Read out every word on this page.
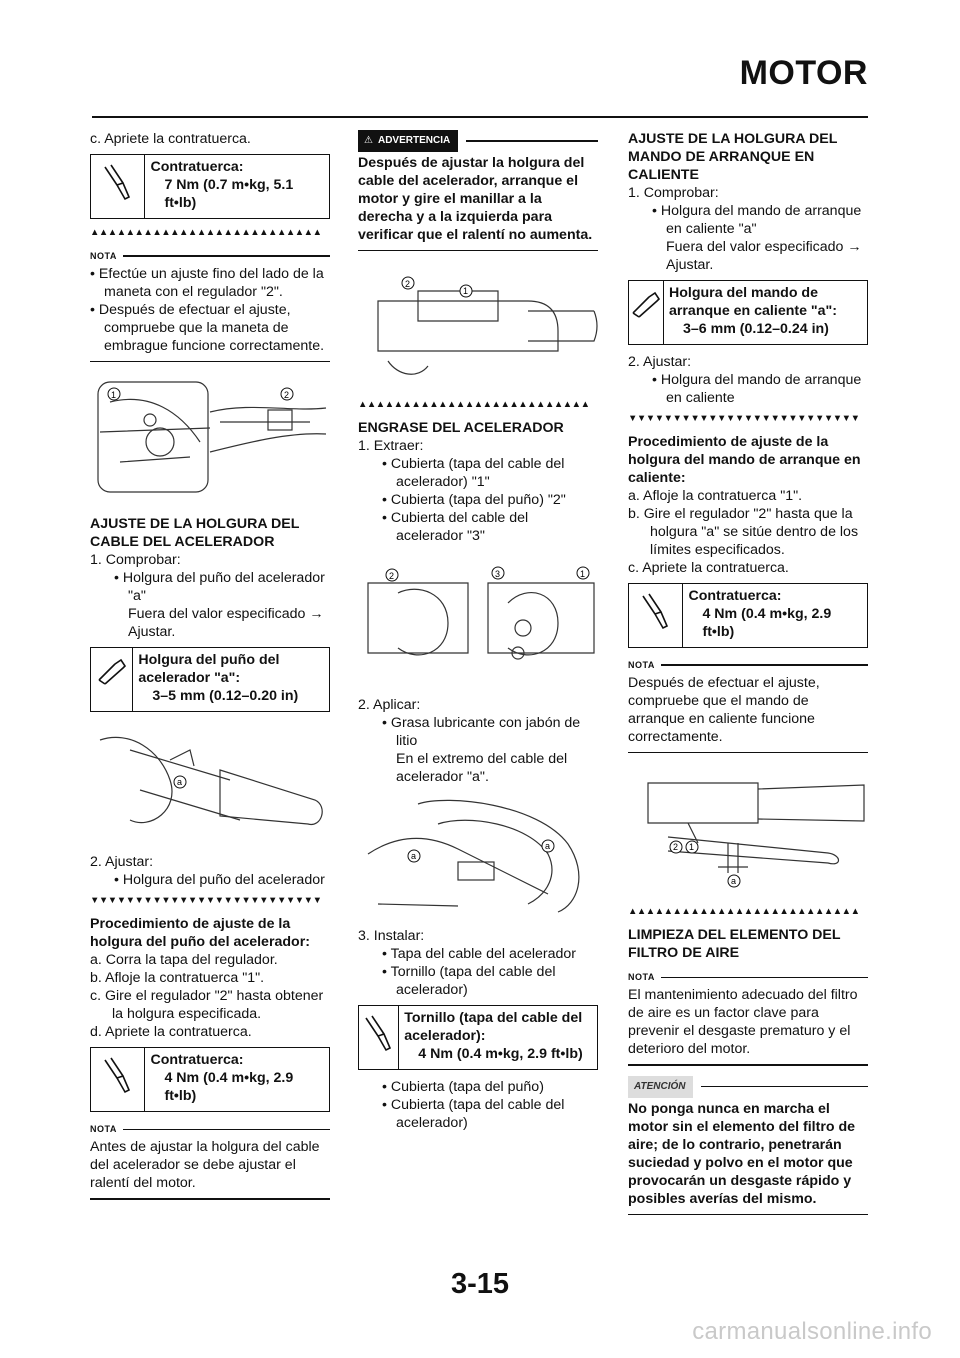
MOTOR

c. Apriete la contratuerca.

Contratuerca:
7 Nm (0.7 m•kg, 5.1 ft•lb)
▲▲▲▲▲▲▲▲▲▲▲▲▲▲▲▲▲▲▲▲▲▲▲▲▲▲
NOTA

• Efectúe un ajuste fino del lado de la maneta con el regulador "2".

• Después de efectuar el ajuste, compruebe que la maneta de embrague funcione correctamente.

1	2

AJUSTE DE LA HOLGURA DEL CABLE DEL ACELERADOR

1. Comprobar:

• Holgura del puño del acelerador "a"

Fuera del valor especificado → Ajustar.

Holgura del puño del acelerador "a":
3–5 mm (0.12–0.20 in)
a

2. Ajustar:

• Holgura del puño del acelerador

▼▼▼▼▼▼▼▼▼▼▼▼▼▼▼▼▼▼▼▼▼▼▼▼▼▼

Procedimiento de ajuste de la holgura del puño del acelerador:

a. Corra la tapa del regulador.

b. Afloje la contratuerca "1".

c. Gire el regulador "2" hasta obtener la holgura especificada.

d. Apriete la contratuerca.

Contratuerca:
4 Nm (0.4 m•kg, 2.9 ft•lb)
NOTA

Antes de ajustar la holgura del cable del acelerador se debe ajustar el ralentí del motor.

⚠ ADVERTENCIA

Después de ajustar la holgura del cable del acelerador, arranque el motor y gire el manillar a la derecha y a la izquierda para verificar que el ralentí no aumenta.

2
1
▲▲▲▲▲▲▲▲▲▲▲▲▲▲▲▲▲▲▲▲▲▲▲▲▲▲

ENGRASE DEL ACELERADOR

1. Extraer:

• Cubierta (tapa del cable del acelerador) "1"

• Cubierta (tapa del puño) "2"

• Cubierta del cable del acelerador "3"

2	3	1

2. Aplicar:

• Grasa lubricante con jabón de litio

En el extremo del cable del acelerador "a".

a
a

3. Instalar:

• Tapa del cable del acelerador

• Tornillo (tapa del cable del acelerador)

Tornillo (tapa del cable del acelerador):
4 Nm (0.4 m•kg, 2.9 ft•lb)

• Cubierta (tapa del puño)

• Cubierta (tapa del cable del acelerador)

AJUSTE DE LA HOLGURA DEL MANDO DE ARRANQUE EN CALIENTE

1. Comprobar:

• Holgura del mando de arranque en caliente "a"

Fuera del valor especificado → Ajustar.

Holgura del mando de arranque en caliente "a":
3–6 mm (0.12–0.24 in)

2. Ajustar:

• Holgura del mando de arranque en caliente

▼▼▼▼▼▼▼▼▼▼▼▼▼▼▼▼▼▼▼▼▼▼▼▼▼▼

Procedimiento de ajuste de la holgura del mando de arranque en caliente:

a. Afloje la contratuerca "1".

b. Gire el regulador "2" hasta que la holgura "a" se sitúe dentro de los límites especificados.

c. Apriete la contratuerca.

Contratuerca:
4 Nm (0.4 m•kg, 2.9 ft•lb)
NOTA

Después de efectuar el ajuste, compruebe que el mando de arranque en caliente funcione correctamente.

2 1
a
▲▲▲▲▲▲▲▲▲▲▲▲▲▲▲▲▲▲▲▲▲▲▲▲▲▲

LIMPIEZA DEL ELEMENTO DEL FILTRO DE AIRE

NOTA

El mantenimiento adecuado del filtro de aire es un factor clave para prevenir el desgaste prematuro y el deterioro del motor.

ATENCIÓN

No ponga nunca en marcha el motor sin el elemento del filtro de aire; de lo contrario, penetrarán suciedad y polvo en el motor que provocarán un desgaste rápido y posibles averías del mismo.

3-15
carmanualsonline.info
